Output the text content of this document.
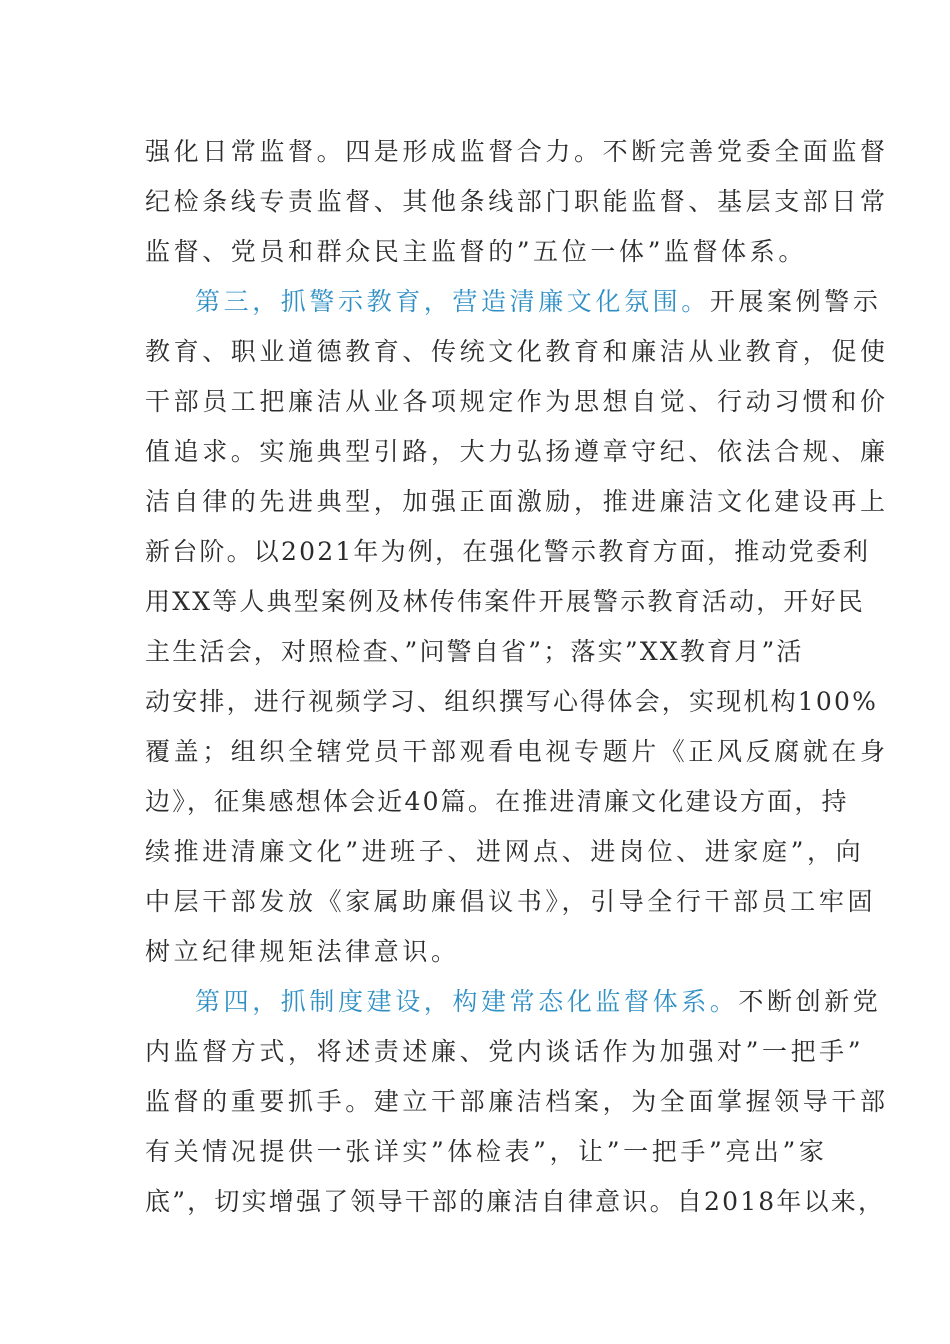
强化日常监督。四是形成监督合力。不断完善党委全面监督
纪检条线专责监督、其他条线部门职能监督、基层支部日常
监督、党员和群众民主监督的”五位一体”监督体系。
第三，抓警示教育，营造清廉文化氛围。开展案例警示
教育、职业道德教育、传统文化教育和廉洁从业教育，促使
干部员工把廉洁从业各项规定作为思想自觉、行动习惯和价
值追求。实施典型引路，大力弘扬遵章守纪、依法合规、廉
洁自律的先进典型，加强正面激励，推进廉洁文化建设再上
新台阶。以2021年为例，在强化警示教育方面，推动党委利
用XX等人典型案例及林传伟案件开展警示教育活动，开好民
主生活会，对照检查、”问警自省”；落实”XX教育月”活
动安排，进行视频学习、组织撰写心得体会，实现机构100%
覆盖；组织全辖党员干部观看电视专题片《正风反腐就在身
边》，征集感想体会近40篇。在推进清廉文化建设方面，持
续推进清廉文化”进班子、进网点、进岗位、进家庭”，向
中层干部发放《家属助廉倡议书》，引导全行干部员工牢固
树立纪律规矩法律意识。
第四，抓制度建设，构建常态化监督体系。不断创新党
内监督方式，将述责述廉、党内谈话作为加强对”一把手”
监督的重要抓手。建立干部廉洁档案，为全面掌握领导干部
有关情况提供一张详实”体检表”，让”一把手”亮出”家
底”，切实增强了领导干部的廉洁自律意识。自2018年以来，
